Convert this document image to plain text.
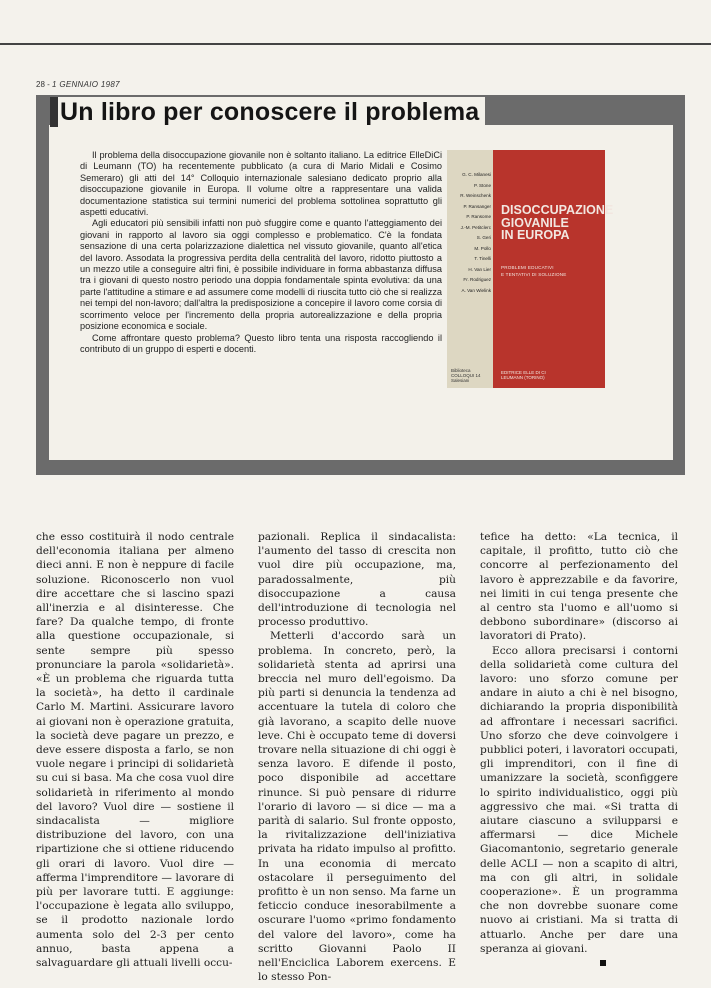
28 - 1 GENNAIO 1987
Un libro per conoscere il problema

Il problema della disoccupazione giovanile non è soltanto italiano. La editrice ElleDiCi di Leumann (TO) ha recentemente pubblicato (a cura di Mario Midali e Cosimo Semeraro) gli atti del 14° Colloquio internazionale salesiano dedicato proprio alla disoccupazione giovanile in Europa. Il volume oltre a rappresentare una valida documentazione statistica sui termini numerici del problema sottolinea soprattutto gli aspetti educativi.

Agli educatori più sensibili infatti non può sfuggire come e quanto l'atteggiamento dei giovani in rapporto al lavoro sia oggi complesso e problematico. C'è la fondata sensazione di una certa polarizzazione dialettica nel vissuto giovanile, quanto all'etica del lavoro. Assodata la progressiva perdita della centralità del lavoro, ridotto piuttosto a un mezzo utile a conseguire altri fini, è possibile individuare in forma abbastanza diffusa tra i giovani di questo nostro periodo una doppia fondamentale spinta evolutiva: da una parte l'attitudine a stimare e ad assumere come modelli di riuscita tutto ciò che si realizza nei tempi del non-lavoro; dall'altra la predisposizione a concepire il lavoro come corsia di scorrimento veloce per l'incremento della propria autorealizzazione e della propria posizione economica e sociale.

Come affrontare questo problema? Questo libro tenta una risposta raccogliendo il contributo di un gruppo di esperti e docenti.

G. C. Milanesi
P. Stone
R. Weinschenk
P. Ransanger
P. Ransome
J.-M. Petitclerc
S. Geri
M. Pollo
T. Tinelli
H. Van Lier
Fr. Rodriguez
A. Van Wielink
Biblioteca
COLLOQUI 14
Salesiani
DISOCCUPAZIONE
GIOVANILE
IN EUROPA
PROBLEMI EDUCATIVI
E TENTATIVI DI SOLUZIONE
EDITRICE ELLE DI CI
LEUMANN (TORINO)

che esso costituirà il nodo centrale dell'economia italiana per almeno dieci anni. E non è neppure di facile soluzione. Riconoscerlo non vuol dire accettare che si lascino spazi all'inerzia e al disinteresse. Che fare? Da qualche tempo, di fronte alla questione occupazionale, si sente sempre più spesso pronunciare la parola «solidarietà». «È un problema che riguarda tutta la società», ha detto il cardinale Carlo M. Martini. Assicurare lavoro ai giovani non è operazione gratuita, la società deve pagare un prezzo, e deve essere disposta a farlo, se non vuole negare i principi di solidarietà su cui si basa. Ma che cosa vuol dire solidarietà in riferimento al mondo del lavoro? Vuol dire — sostiene il sindacalista — migliore distribuzione del lavoro, con una ripartizione che si ottiene riducendo gli orari di lavoro. Vuol dire — afferma l'imprenditore — lavorare di più per lavorare tutti. E aggiunge: l'occupazione è legata allo sviluppo, se il prodotto nazionale lordo aumenta solo del 2-3 per cento annuo, basta appena a salvaguardare gli attuali livelli occu-

pazionali. Replica il sindacalista: l'aumento del tasso di crescita non vuol dire più occupazione, ma, paradossalmente, più disoccupazione a causa dell'introduzione di tecnologia nel processo produttivo.

Metterli d'accordo sarà un problema. In concreto, però, la solidarietà stenta ad aprirsi una breccia nel muro dell'egoismo. Da più parti si denuncia la tendenza ad accentuare la tutela di coloro che già lavorano, a scapito delle nuove leve. Chi è occupato teme di doversi trovare nella situazione di chi oggi è senza lavoro. E difende il posto, poco disponibile ad accettare rinunce. Si può pensare di ridurre l'orario di lavoro — si dice — ma a parità di salario. Sul fronte opposto, la rivitalizzazione dell'iniziativa privata ha ridato impulso al profitto. In una economia di mercato ostacolare il perseguimento del profitto è un non senso. Ma farne un feticcio conduce inesorabilmente a oscurare l'uomo «primo fondamento del valore del lavoro», come ha scritto Giovanni Paolo II nell'Enciclica Laborem exercens. E lo stesso Pon-

tefice ha detto: «La tecnica, il capitale, il profitto, tutto ciò che concorre al perfezionamento del lavoro è apprezzabile e da favorire, nei limiti in cui tenga presente che al centro sta l'uomo e all'uomo si debbono subordinare» (discorso ai lavoratori di Prato).

Ecco allora precisarsi i contorni della solidarietà come cultura del lavoro: uno sforzo comune per andare in aiuto a chi è nel bisogno, dichiarando la propria disponibilità ad affrontare i necessari sacrifici. Uno sforzo che deve coinvolgere i pubblici poteri, i lavoratori occupati, gli imprenditori, con il fine di umanizzare la società, sconfiggere lo spirito individualistico, oggi più aggressivo che mai. «Si tratta di aiutare ciascuno a svilupparsi e affermarsi — dice Michele Giacomantonio, segretario generale delle ACLI — non a scapito di altri, ma con gli altri, in solidale cooperazione». È un programma che non dovrebbe suonare come nuovo ai cristiani. Ma si tratta di attuarlo. Anche per dare una speranza ai giovani.
